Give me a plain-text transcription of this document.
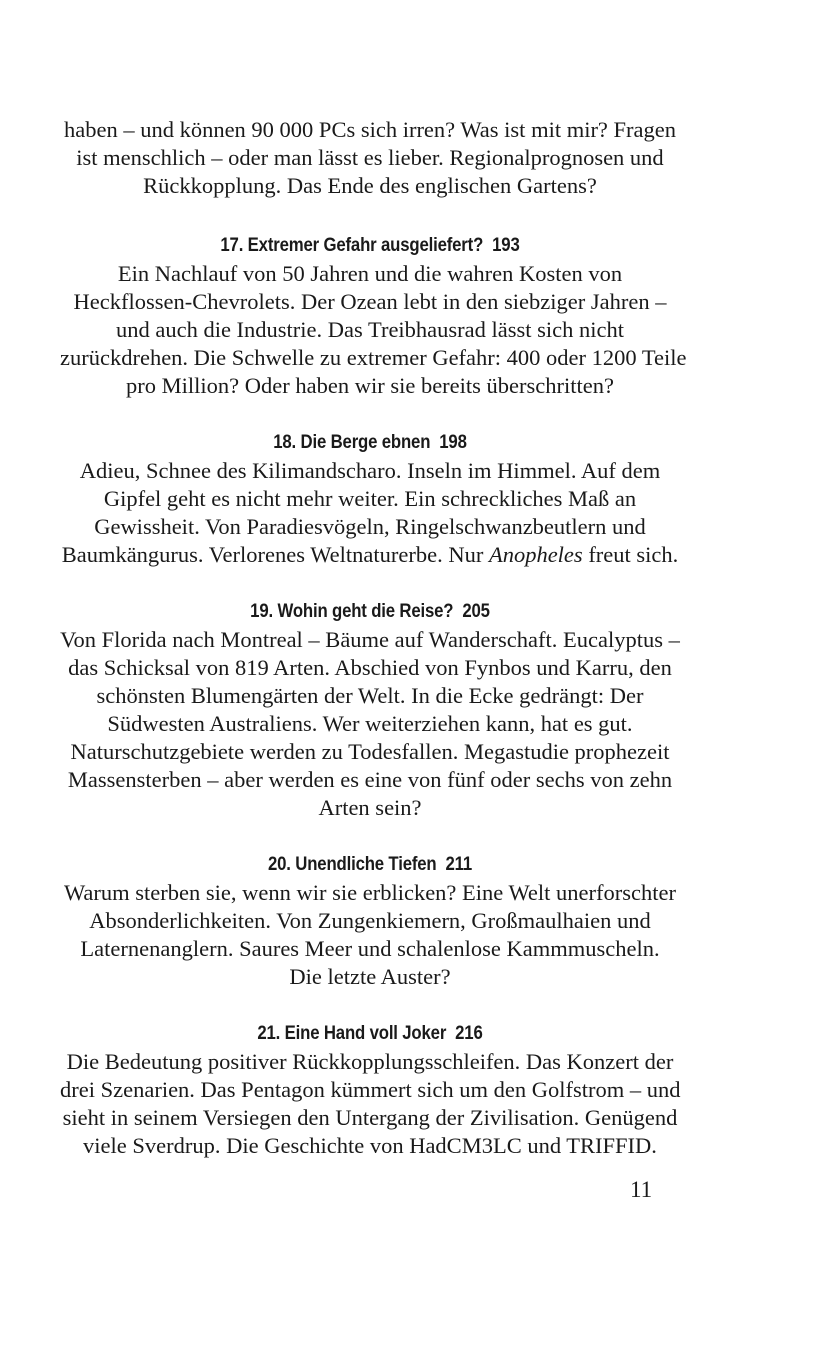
haben – und können 90 000 PCs sich irren? Was ist mit mir? Fragen
ist menschlich – oder man lässt es lieber. Regionalprognosen und
Rückkopplung. Das Ende des englischen Gartens?

17. Extremer Gefahr ausgeliefert? 193

Ein Nachlauf von 50 Jahren und die wahren Kosten von
Heckflossen-Chevrolets. Der Ozean lebt in den siebziger Jahren –
und auch die Industrie. Das Treibhausrad lässt sich nicht
zurückdrehen. Die Schwelle zu extremer Gefahr: 400 oder 1200 Teile
pro Million? Oder haben wir sie bereits überschritten?

18. Die Berge ebnen 198

Adieu, Schnee des Kilimandscharo. Inseln im Himmel. Auf dem
Gipfel geht es nicht mehr weiter. Ein schreckliches Maß an
Gewissheit. Von Paradiesvögeln, Ringelschwanzbeutlern und
Baumkängurus. Verlorenes Weltnaturerbe. Nur Anopheles freut sich.

19. Wohin geht die Reise? 205

Von Florida nach Montreal – Bäume auf Wanderschaft. Eucalyptus –
das Schicksal von 819 Arten. Abschied von Fynbos und Karru, den
schönsten Blumengärten der Welt. In die Ecke gedrängt: Der
Südwesten Australiens. Wer weiterziehen kann, hat es gut.
Naturschutzgebiete werden zu Todesfallen. Megastudie prophezeit
Massensterben – aber werden es eine von fünf oder sechs von zehn
Arten sein?

20. Unendliche Tiefen 211

Warum sterben sie, wenn wir sie erblicken? Eine Welt unerforschter
Absonderlichkeiten. Von Zungenkiemern, Großmaulhaien und
Laternenanglern. Saures Meer und schalenlose Kammmuscheln.
Die letzte Auster?

21. Eine Hand voll Joker 216

Die Bedeutung positiver Rückkopplungsschleifen. Das Konzert der
drei Szenarien. Das Pentagon kümmert sich um den Golfstrom – und
sieht in seinem Versiegen den Untergang der Zivilisation. Genügend
viele Sverdrup. Die Geschichte von HadCM3LC und TRIFFID.

11
